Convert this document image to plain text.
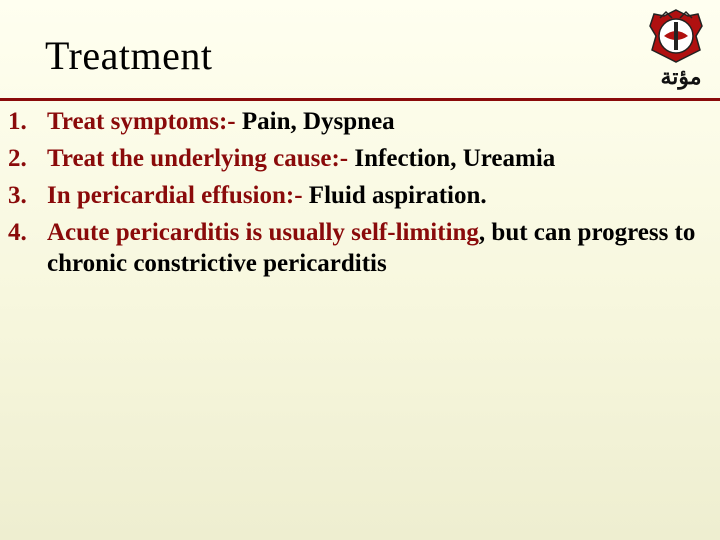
Treatment	مؤتة
1. Treat symptoms:- Pain, Dyspnea
2. Treat the underlying cause:- Infection, Ureamia
3. In pericardial effusion:- Fluid aspiration.
4. Acute pericarditis is usually self-limiting, but can progress to chronic constrictive pericarditis
